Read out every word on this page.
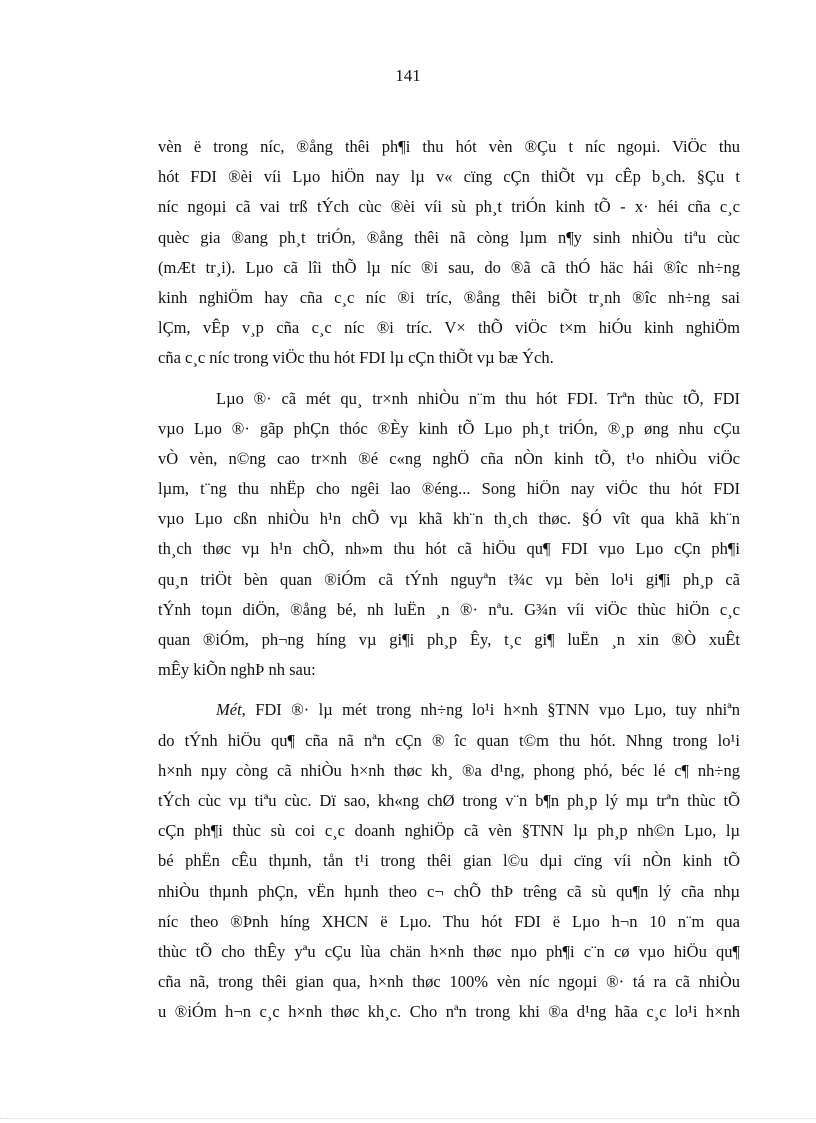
141
vèn ë trong níc, ®ång thêi ph¶i thu hót vèn ®Çu t níc ngoµi. ViÖc thu
hót FDI ®èi víi Lµo hiÖn nay lµ v« cïng cÇn thiÕt vµ cÊp b¸ch. §Çu t
níc ngoµi cã vai trß tÝch cùc ®èi víi sù ph¸t triÓn kinh tÕ - x· héi cña c¸c
quèc gia ®ang ph¸t triÓn, ®ång thêi nã còng lµm n¶y sinh nhiÒu tiªu cùc
(mÆt tr¸i). Lµo cã lîi thÕ lµ níc ®i sau, do ®ã cã thÓ häc hái ®îc nh÷ng
kinh nghiÖm hay cña c¸c níc ®i tríc, ®ång thêi biÕt tr¸nh ®îc nh÷ng sai
lÇm, vÊp v¸p cña c¸c níc ®i tríc. V× thÕ viÖc t×m hiÓu kinh nghiÖm
cña c¸c níc trong viÖc thu hót FDI lµ cÇn thiÕt vµ bæ Ých.
Lµo ®· cã mét qu¸ tr×nh nhiÒu n¨m thu hót FDI. Trªn thùc tÕ, FDI
vµo Lµo ®· gãp phÇn thóc ®Èy kinh tÕ Lµo ph¸t triÓn, ®¸p øng nhu cÇu
vÒ vèn, n©ng cao tr×nh ®é c«ng nghÖ cña nÒn kinh tÕ, t¹o nhiÒu viÖc
lµm, t¨ng thu nhËp cho ngêi lao ®éng... Song hiÖn nay viÖc thu hót FDI
vµo Lµo cßn nhiÒu h¹n chÕ vµ khã kh¨n th¸ch thøc. §Ó vît qua khã kh¨n
th¸ch thøc vµ h¹n chÕ, nh»m thu hót cã hiÖu qu¶ FDI vµo Lµo cÇn ph¶i
qu¸n triÖt bèn quan ®iÓm cã tÝnh nguyªn t¾c vµ bèn lo¹i gi¶i ph¸p cã
tÝnh toµn diÖn, ®ång bé, nh luËn ¸n ®· nªu. G¾n víi viÖc thùc hiÖn c¸c
quan ®iÓm, ph¬ng híng vµ gi¶i ph¸p Êy, t¸c gi¶ luËn ¸n xin ®Ò xuÊt
mÊy kiÕn nghÞ nh sau:
Mét, FDI ®· lµ mét trong nh÷ng lo¹i h×nh §TNN vµo Lµo, tuy nhiªn
do tÝnh hiÖu qu¶ cña nã nªn cÇn ® îc quan t©m thu hót. Nhng trong lo¹i
h×nh nµy còng cã nhiÒu h×nh thøc kh¸ ®a d¹ng, phong phó, béc lé c¶ nh÷ng
tÝch cùc vµ tiªu cùc. Dï sao, kh«ng chØ trong v¨n b¶n ph¸p lý mµ trªn thùc tÕ
cÇn ph¶i thùc sù coi c¸c doanh nghiÖp cã vèn §TNN lµ ph¸p nh©n Lµo, lµ
bé phËn cÊu thµnh, tån t¹i trong thêi gian l©u dµi cïng víi nÒn kinh tÕ
nhiÒu thµnh phÇn, vËn hµnh theo c¬ chÕ thÞ trêng cã sù qu¶n lý cña nhµ
níc theo ®Þnh híng XHCN ë Lµo. Thu hót FDI ë Lµo h¬n 10 n¨m qua
thùc tÕ cho thÊy yªu cÇu lùa chän h×nh thøc nµo ph¶i c¨n cø vµo hiÖu qu¶
cña nã, trong thêi gian qua, h×nh thøc 100% vèn níc ngoµi ®· tá ra cã nhiÒu
u ®iÓm h¬n c¸c h×nh thøc kh¸c. Cho nªn trong khi ®a d¹ng hãa c¸c lo¹i h×nh
